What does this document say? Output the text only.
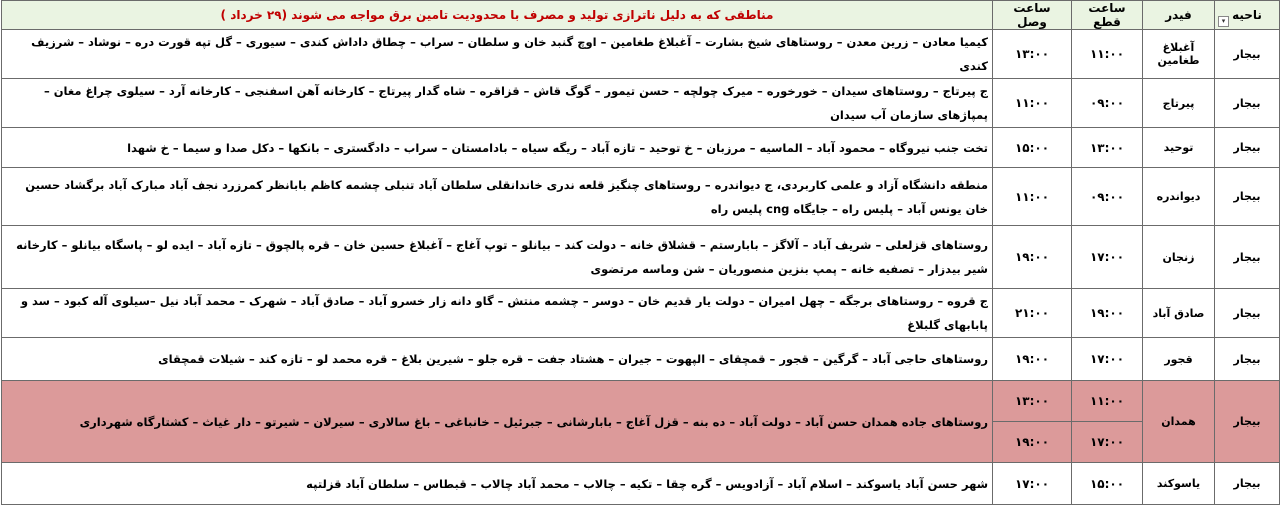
ناحیه
▾	فیدر	ساعت قطع	ساعت وصل	مناطقی که به دلیل ناترازی تولید و مصرف با محدودیت تامین برق مواجه می شوند (۲۹ خرداد )
بیجار	آغبلاغ طغامین	۱۱:۰۰	۱۳:۰۰	کیمیا معادن – زرین معدن – روستاهای شیخ بشارت – آغبلاغ طغامین – اوچ گنبد خان و سلطان – سراب – چطاق داداش کندی – سیوری – گل تپه قورت دره – نوشاد – شرزیف کندی
بیجار	پیرتاج	۰۹:۰۰	۱۱:۰۰	ج پیرتاج – روستاهای سیدان – خورخوره – میرک چولچه – حسن تیمور – گوگ قاش – قزاقره – شاه گدار پیرتاج – کارخانه آهن اسفنجی – کارخانه آرد – سیلوی چراغ مغان – پمپاژهای سازمان آب سیدان
بیجار	توحید	۱۳:۰۰	۱۵:۰۰	تخت جنب نیروگاه – محمود آباد – الماسیه – مرزبان – خ توحید – تازه آباد – ریگه سیاه – بادامستان – سراب – دادگستری – بانکها – دکل صدا و سیما – خ شهدا
بیجار	دیواندره	۰۹:۰۰	۱۱:۰۰	منطقه دانشگاه آزاد و علمی کاربردی، ج دیواندره – روستاهای چنگیز قلعه ندری خاندانقلی سلطان آباد تنبلی چشمه کاظم بابانظر کمرزرد نجف آباد مبارک آباد برگشاد حسین خان یونس آباد – پلیس راه – جایگاه cng پلیس راه
بیجار	زنجان	۱۷:۰۰	۱۹:۰۰	روستاهای قزلعلی – شریف آباد – آلاگز – بابارستم – قشلاق خانه – دولت کند – بیانلو – توپ آغاج – آغبلاغ حسین خان – قره پالچوق – تازه آباد – ایده لو – پاسگاه بیانلو – کارخانه شیر بیدزار – تصفیه خانه – پمپ بنزین منصوریان – شن وماسه مرتضوی
بیجار	صادق آباد	۱۹:۰۰	۲۱:۰۰	ج قروه – روستاهای برجگه – چهل امیران – دولت یار قدیم خان – دوسر – چشمه منتش – گاو دانه زار خسرو آباد – صادق آباد – شهرک – محمد آباد نیل –سیلوی آله کبود – سد و پابابهای گلبلاغ
بیجار	قجور	۱۷:۰۰	۱۹:۰۰	روستاهای حاجی آباد – گرگین – قجور – قمچقای – الپهوت – جیران – هشتاد جفت – قره جلو – شیرین بلاغ – قره محمد لو – تازه کند – شیلات قمچقای
بیجار	همدان	۱۱:۰۰	۱۳:۰۰	روستاهای جاده همدان حسن آباد – دولت آباد – ده بنه – قزل آغاج – بابارشانی – جبرئیل – خانباغی – باغ سالاری – سیرلان – شیرتو – دار غیاث – کشتارگاه شهرداری
		۱۷:۰۰	۱۹:۰۰	
بیجار	یاسوکند	۱۵:۰۰	۱۷:۰۰	شهر حسن آباد یاسوکند – اسلام آباد – آزادویس – گره چقا – تکیه – چالاب – محمد آباد چالاب – قبطاس – سلطان آباد قزلتپه
